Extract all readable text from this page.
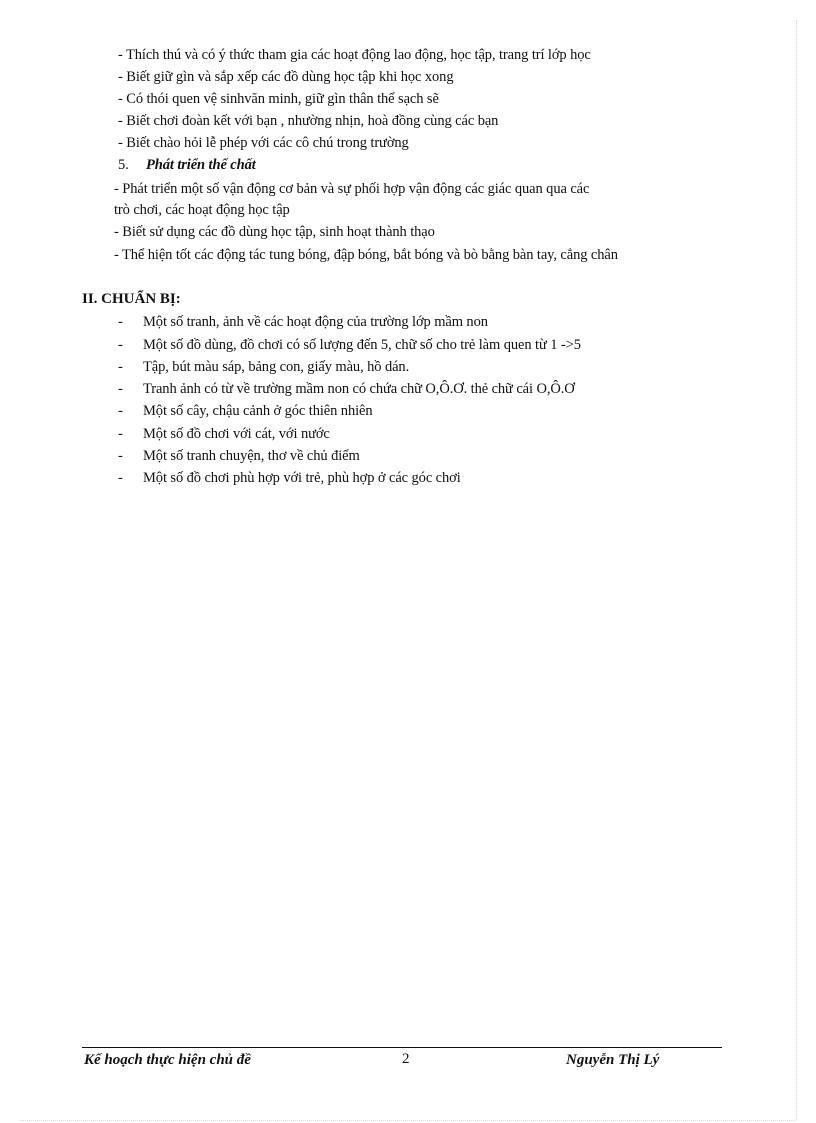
- Thích thú và có ý thức tham gia các hoạt động lao động, học tập, trang trí lớp học
- Biết giữ gìn và sắp xếp các đồ dùng học tập khi học xong
- Có thói quen vệ sinhvăn minh, giữ gìn thân thể sạch sẽ
- Biết chơi đoàn kết với bạn , nhường nhịn, hoà đồng cùng các bạn
- Biết chào hỏi lễ phép với các cô chú trong trường
5. Phát triển thể chất
- Phát triển một số vận động cơ bản và sự phối hợp vận động các giác quan qua các
trò chơi, các hoạt động học tập
- Biết sử dụng các đồ dùng học tập, sinh hoạt thành thạo
- Thể hiện tốt các động tác tung bóng, đập bóng, bắt bóng và bò bằng bàn tay, cẳng chân
II. CHUẨN BỊ:
- Một số tranh, ảnh về các hoạt động của trường lớp mầm non
- Một số đồ dùng, đồ chơi có số lượng đến 5, chữ số cho trẻ làm quen từ 1 ->5
- Tập, bút màu sáp, bảng con, giấy màu, hồ dán.
- Tranh ảnh có từ về trường mầm non có chứa chữ O,Ô.Ơ. thẻ chữ cái O,Ô.Ơ
- Một số cây, chậu cảnh ở góc thiên nhiên
- Một số đồ chơi với cát, với nước
- Một số tranh chuyện, thơ về chủ điểm
- Một số đồ chơi phù hợp với trẻ, phù hợp ở các góc chơi
Kế hoạch thực hiện chủ đề	2	Nguyễn Thị Lý
